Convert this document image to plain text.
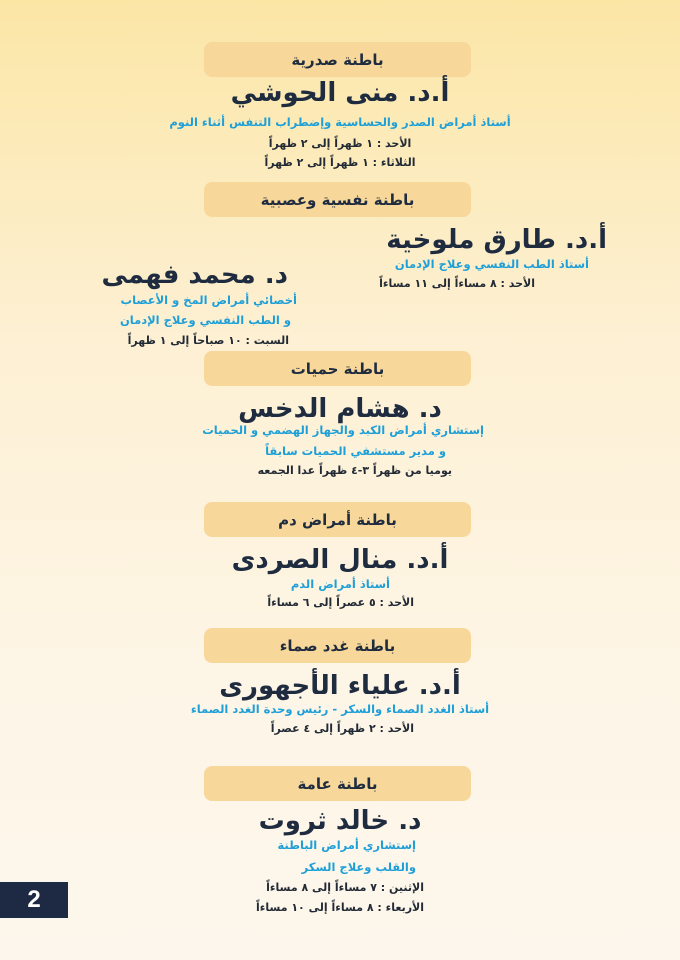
باطنة صدرية
أ.د. منى الحوشي
أستاذ أمراض الصدر والحساسية وإضطراب التنفس أثناء النوم
الأحد : ١ ظهراً إلى ٢ ظهراً
الثلاثاء : ١ ظهراً إلى ٢ ظهراً
باطنة نفسية وعصبية
أ.د. طارق ملوخية
أستاذ الطب النفسي وعلاج الإدمان
الأحد : ٨ مساءاً إلى ١١ مساءاً
د. محمد فهمى
أخصائي أمراض المخ و الأعصاب
و الطب النفسي وعلاج الإدمان
السبت : ١٠ صباحاً إلى ١ ظهراً
باطنة حميات
د. هشام الدخس
إستشاري أمراض الكبد والجهاز الهضمي و الحميات
و مدير مستشفي الحميات سابقاً
يوميا من ظهراً ٣-٤ ظهراً عدا الجمعه
باطنة أمراض دم
أ.د. منال الصردى
أستاذ أمراض الدم
الأحد : ٥ عصراً إلى ٦ مساءاً
باطنة غدد صماء
أ.د. علياء الأجهورى
أستاذ الغدد الصماء والسكر - رئيس وحدة الغدد الصماء
الأحد : ٢ ظهراً إلى ٤ عصراً
باطنة عامة
د. خالد ثروت
إستشاري أمراض الباطنة
والقلب وعلاج السكر
الإثنين : ٧ مساءاً إلى ٨ مساءاً
الأربعاء : ٨ مساءاً إلى ١٠ مساءاً
2
